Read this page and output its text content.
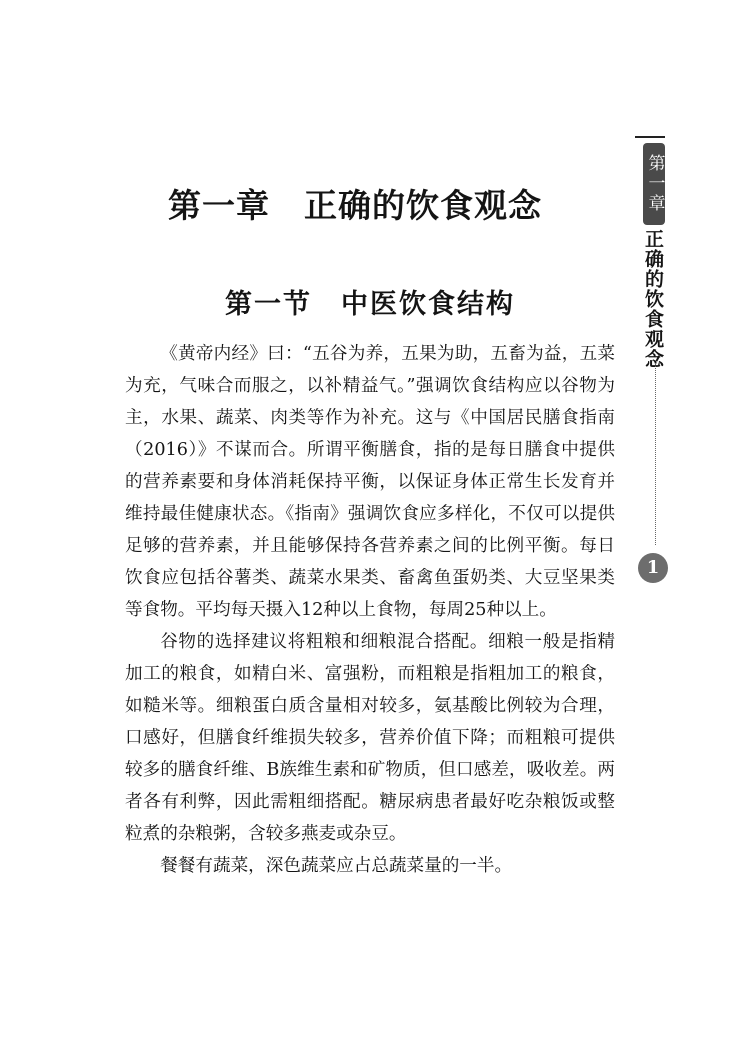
第一章　正确的饮食观念
第一节　中医饮食结构

《黄帝内经》曰：“五谷为养，五果为助，五畜为益，五菜为充，气味合而服之，以补精益气。”强调饮食结构应以谷物为主，水果、蔬菜、肉类等作为补充。这与《中国居民膳食指南（2016）》不谋而合。所谓平衡膳食，指的是每日膳食中提供的营养素要和身体消耗保持平衡，以保证身体正常生长发育并维持最佳健康状态。《指南》强调饮食应多样化，不仅可以提供足够的营养素，并且能够保持各营养素之间的比例平衡。每日饮食应包括谷薯类、蔬菜水果类、畜禽鱼蛋奶类、大豆坚果类等食物。平均每天摄入12种以上食物，每周25种以上。

谷物的选择建议将粗粮和细粮混合搭配。细粮一般是指精加工的粮食，如精白米、富强粉，而粗粮是指粗加工的粮食，如糙米等。细粮蛋白质含量相对较多，氨基酸比例较为合理，口感好，但膳食纤维损失较多，营养价值下降；而粗粮可提供较多的膳食纤维、B族维生素和矿物质，但口感差，吸收差。两者各有利弊，因此需粗细搭配。糖尿病患者最好吃杂粮饭或整粒煮的杂粮粥，含较多燕麦或杂豆。

餐餐有蔬菜，深色蔬菜应占总蔬菜量的一半。

第一章
正确的饮食观念
1
